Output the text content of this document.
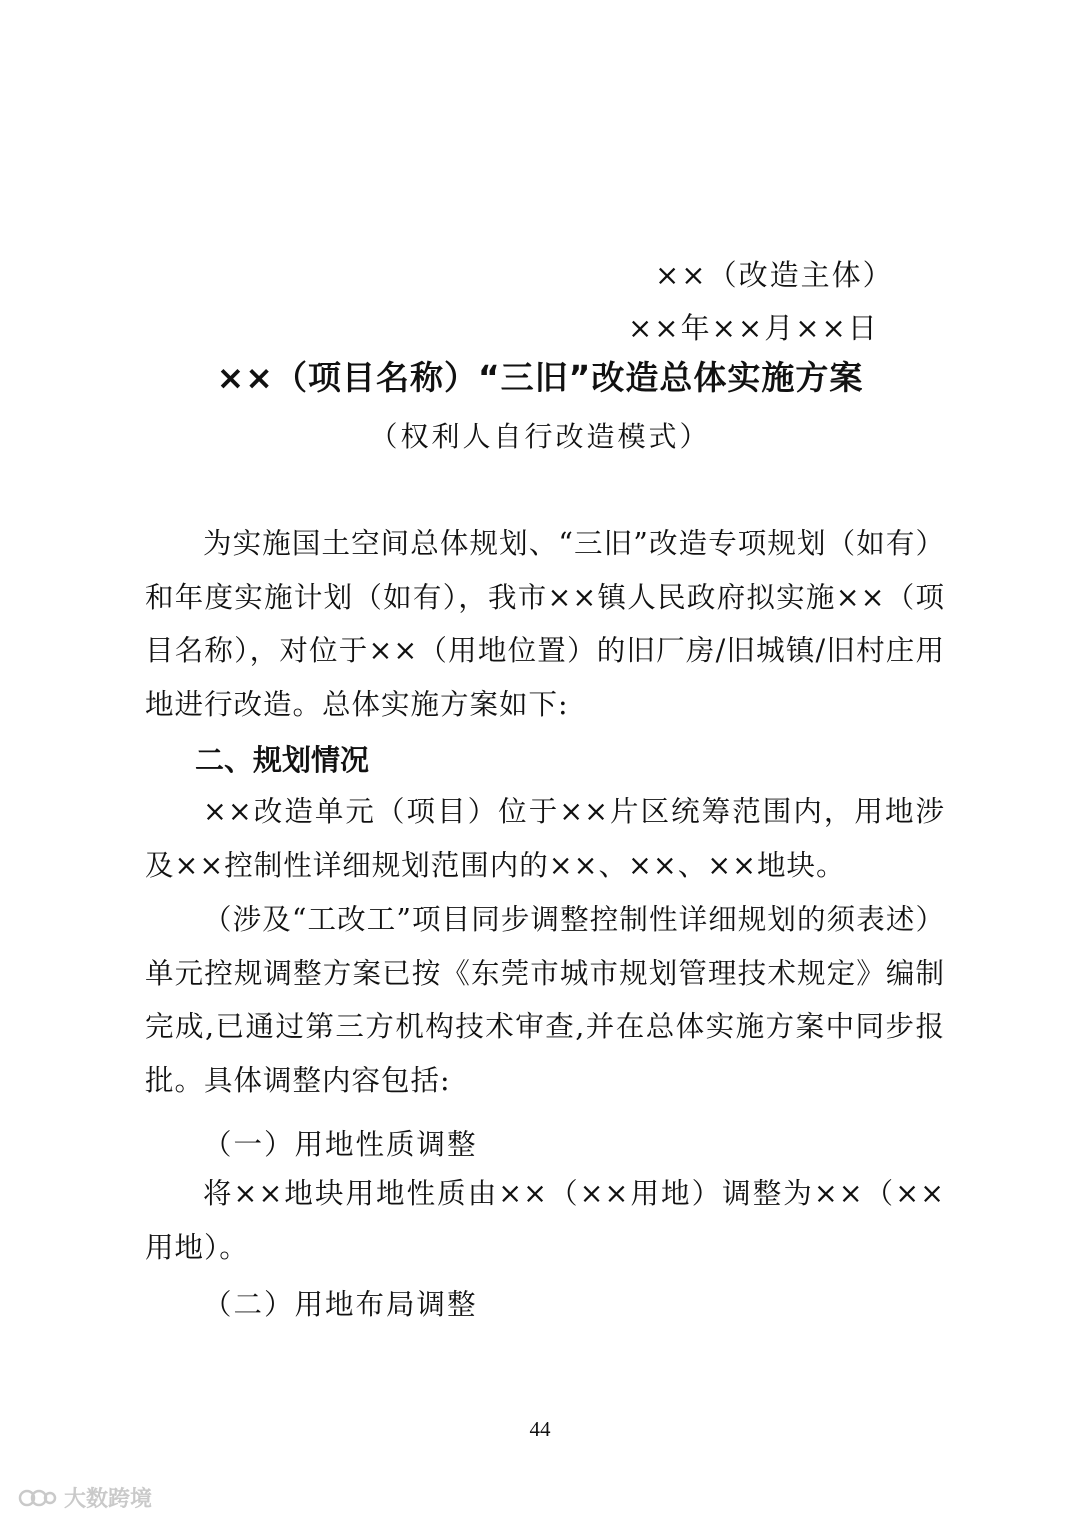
××（改造主体）
××年××月××日
××（项目名称）“三旧”改造总体实施方案
（权利人自行改造模式）
为实施国土空间总体规划、“三旧”改造专项规划（如有）和年度实施计划（如有），我市××镇人民政府拟实施××（项目名称），对位于××（用地位置）的旧厂房/旧城镇/旧村庄用地进行改造。总体实施方案如下:
二、规划情况
××改造单元（项目）位于××片区统筹范围内，用地涉及××控制性详细规划范围内的××、××、××地块。
（涉及“工改工”项目同步调整控制性详细规划的须表述）单元控规调整方案已按《东莞市城市规划管理技术规定》编制完成,已通过第三方机构技术审查,并在总体实施方案中同步报批。具体调整内容包括:
（一）用地性质调整
将××地块用地性质由××（××用地）调整为××（××用地）。
（二）用地布局调整
44
大数跨境
